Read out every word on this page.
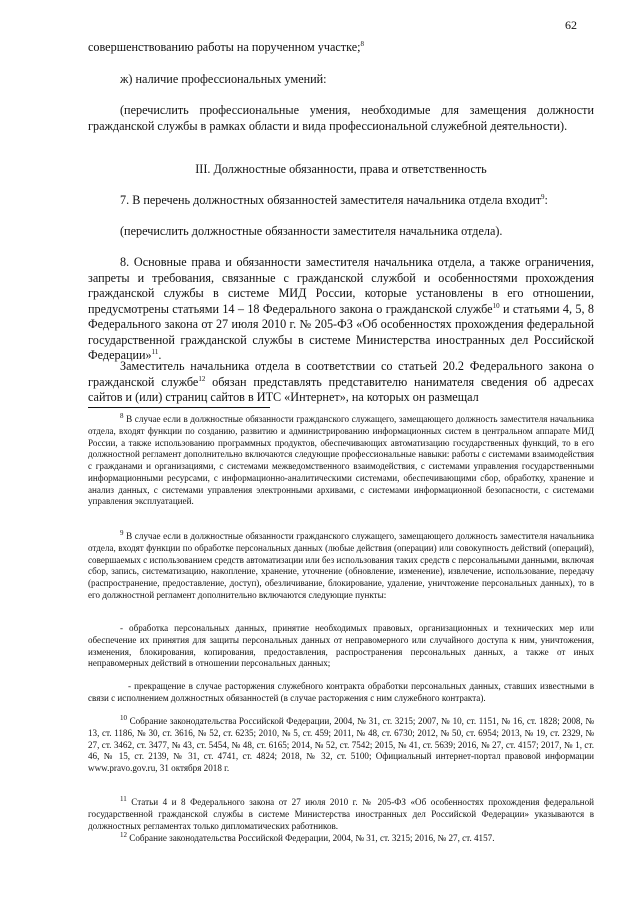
62

совершенствованию работы на порученном участке;$^8$

ж) наличие профессиональных умений:

(перечислить профессиональные умения, необходимые для замещения должности гражданской службы в рамках области и вида профессиональной служебной деятельности).

III. Должностные обязанности, права и ответственность

7. В перечень должностных обязанностей заместителя начальника отдела входит$^9$:

(перечислить должностные обязанности заместителя начальника отдела).

8. Основные права и обязанности заместителя начальника отдела, а также ограничения, запреты и требования, связанные с гражданской службой и особенностями прохождения гражданской службы в системе МИД России, которые установлены в его отношении, предусмотрены статьями 14 – 18 Федерального закона о гражданской службе$^{10}$ и статьями 4, 5, 8 Федерального закона от 27 июля 2010 г. № 205-ФЗ «Об особенностях прохождения федеральной государственной гражданской службы в системе Министерства иностранных дел Российской Федерации»$^{11}$.

Заместитель начальника отдела в соответствии со статьей 20.2 Федерального закона о гражданской службе$^{12}$ обязан представлять представителю нанимателя сведения об адресах сайтов и (или) страниц сайтов в ИТС «Интернет», на которых он размещал

$^8$ В случае если в должностные обязанности гражданского служащего, замещающего должность заместителя начальника отдела, входят функции по созданию, развитию и администрированию информационных систем в центральном аппарате МИД России, а также использованию программных продуктов, обеспечивающих автоматизацию государственных функций, то в его должностной регламент дополнительно включаются следующие профессиональные навыки: работы с системами взаимодействия с гражданами и организациями, с системами межведомственного взаимодействия, с системами управления государственными информационными ресурсами, с информационно-аналитическими системами, обеспечивающими сбор, обработку, хранение и анализ данных, с системами управления электронными архивами, с системами информационной безопасности, с системами управления эксплуатацией.

$^9$ В случае если в должностные обязанности гражданского служащего, замещающего должность заместителя начальника отдела, входят функции по обработке персональных данных (любые действия (операции) или совокупность действий (операций), совершаемых с использованием средств автоматизации или без использования таких средств с персональными данными, включая сбор, запись, систематизацию, накопление, хранение, уточнение (обновление, изменение), извлечение, использование, передачу (распространение, предоставление, доступ), обезличивание, блокирование, удаление, уничтожение персональных данных), то в его должностной регламент дополнительно включаются следующие пункты:

- обработка персональных данных, принятие необходимых правовых, организационных и технических мер или обеспечение их принятия для защиты персональных данных от неправомерного или случайного доступа к ним, уничтожения, изменения, блокирования, копирования, предоставления, распространения персональных данных, а также от иных неправомерных действий в отношении персональных данных;

- прекращение в случае расторжения служебного контракта обработки персональных данных, ставших известными в связи с исполнением должностных обязанностей (в случае расторжения с ним служебного контракта).

$^{10}$ Собрание законодательства Российской Федерации, 2004, № 31, ст. 3215; 2007, № 10, ст. 1151, № 16, ст. 1828; 2008, № 13, ст. 1186, № 30, ст. 3616, № 52, ст. 6235; 2010, № 5, ст. 459; 2011, № 48, ст. 6730; 2012, № 50, ст. 6954; 2013, № 19, ст. 2329, № 27, ст. 3462, ст. 3477, № 43, ст. 5454, № 48, ст. 6165; 2014, № 52, ст. 7542; 2015, № 41, ст. 5639; 2016, № 27, ст. 4157; 2017, № 1, ст. 46, № 15, ст. 2139, № 31, ст. 4741, ст. 4824; 2018, № 32, ст. 5100; Официальный интернет-портал правовой информации www.pravo.gov.ru, 31 октября 2018 г.

$^{11}$ Статьи 4 и 8 Федерального закона от 27 июля 2010 г. № 205-ФЗ «Об особенностях прохождения федеральной государственной гражданской службы в системе Министерства иностранных дел Российской Федерации» указываются в должностных регламентах только дипломатических работников.

$^{12}$ Собрание законодательства Российской Федерации, 2004, № 31, ст. 3215; 2016, № 27, ст. 4157.
